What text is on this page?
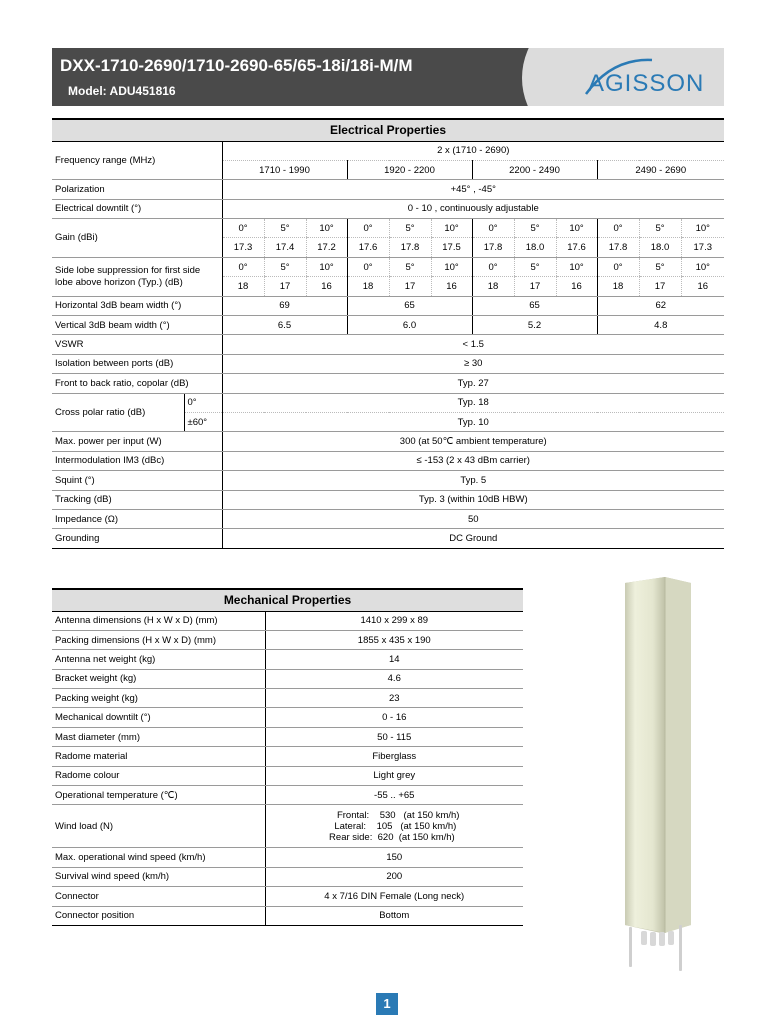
DXX-1710-2690/1710-2690-65/65-18i/18i-M/M
Model: ADU451816	AGISSON
Electrical Properties													
Frequency range (MHz)		2 x (1710 - 2690)											
		1710 - 1990			1920 - 2200			2200 - 2490			2490 - 2690		
Polarization		+45° , -45°											
Electrical downtilt (°)		0 - 10 , continuously adjustable											
Gain (dBi)		0°	5°	10°	0°	5°	10°	0°	5°	10°	0°	5°	10°
		17.3	17.4	17.2	17.6	17.8	17.5	17.8	18.0	17.6	17.8	18.0	17.3
Side lobe suppression for first side lobe above horizon (Typ.) (dB)		0°	5°	10°	0°	5°	10°	0°	5°	10°	0°	5°	10°
		18	17	16	18	17	16	18	17	16	18	17	16
Horizontal 3dB beam width (°)		69			65			65			62		
Vertical 3dB beam width (°)		6.5			6.0			5.2			4.8		
VSWR		< 1.5											
Isolation between ports (dB)		≥ 30											
Front to back ratio, copolar (dB)		Typ. 27											
Cross polar ratio (dB)	0°	Typ. 18											
	±60°	Typ. 10											
Max. power per input (W)		300 (at 50℃ ambient temperature)											
Intermodulation IM3 (dBc)		≤ -153 (2 x 43 dBm carrier)											
Squint (°)		Typ. 5											
Tracking (dB)		Typ. 3 (within 10dB HBW)											
Impedance (Ω)		50											
Grounding		DC Ground											
Mechanical Properties	
Antenna dimensions (H x W x D) (mm)	1410 x 299 x 89
Packing dimensions (H x W x D) (mm)	1855 x 435 x 190
Antenna net weight (kg)	14
Bracket weight (kg)	4.6
Packing weight (kg)	23
Mechanical downtilt (°)	0 - 16
Mast diameter (mm)	50 - 115
Radome material	Fiberglass
Radome colour	Light grey
Operational temperature (℃)	-55 .. +65
Wind load (N)	Frontal:    530   (at 150 km/h)
Lateral:    105   (at 150 km/h)
Rear side:  620  (at 150 km/h)

Max. operational wind speed (km/h)	150
Survival wind speed (km/h)	200
Connector	4 x 7/16 DIN Female (Long neck)
Connector position	Bottom
1
